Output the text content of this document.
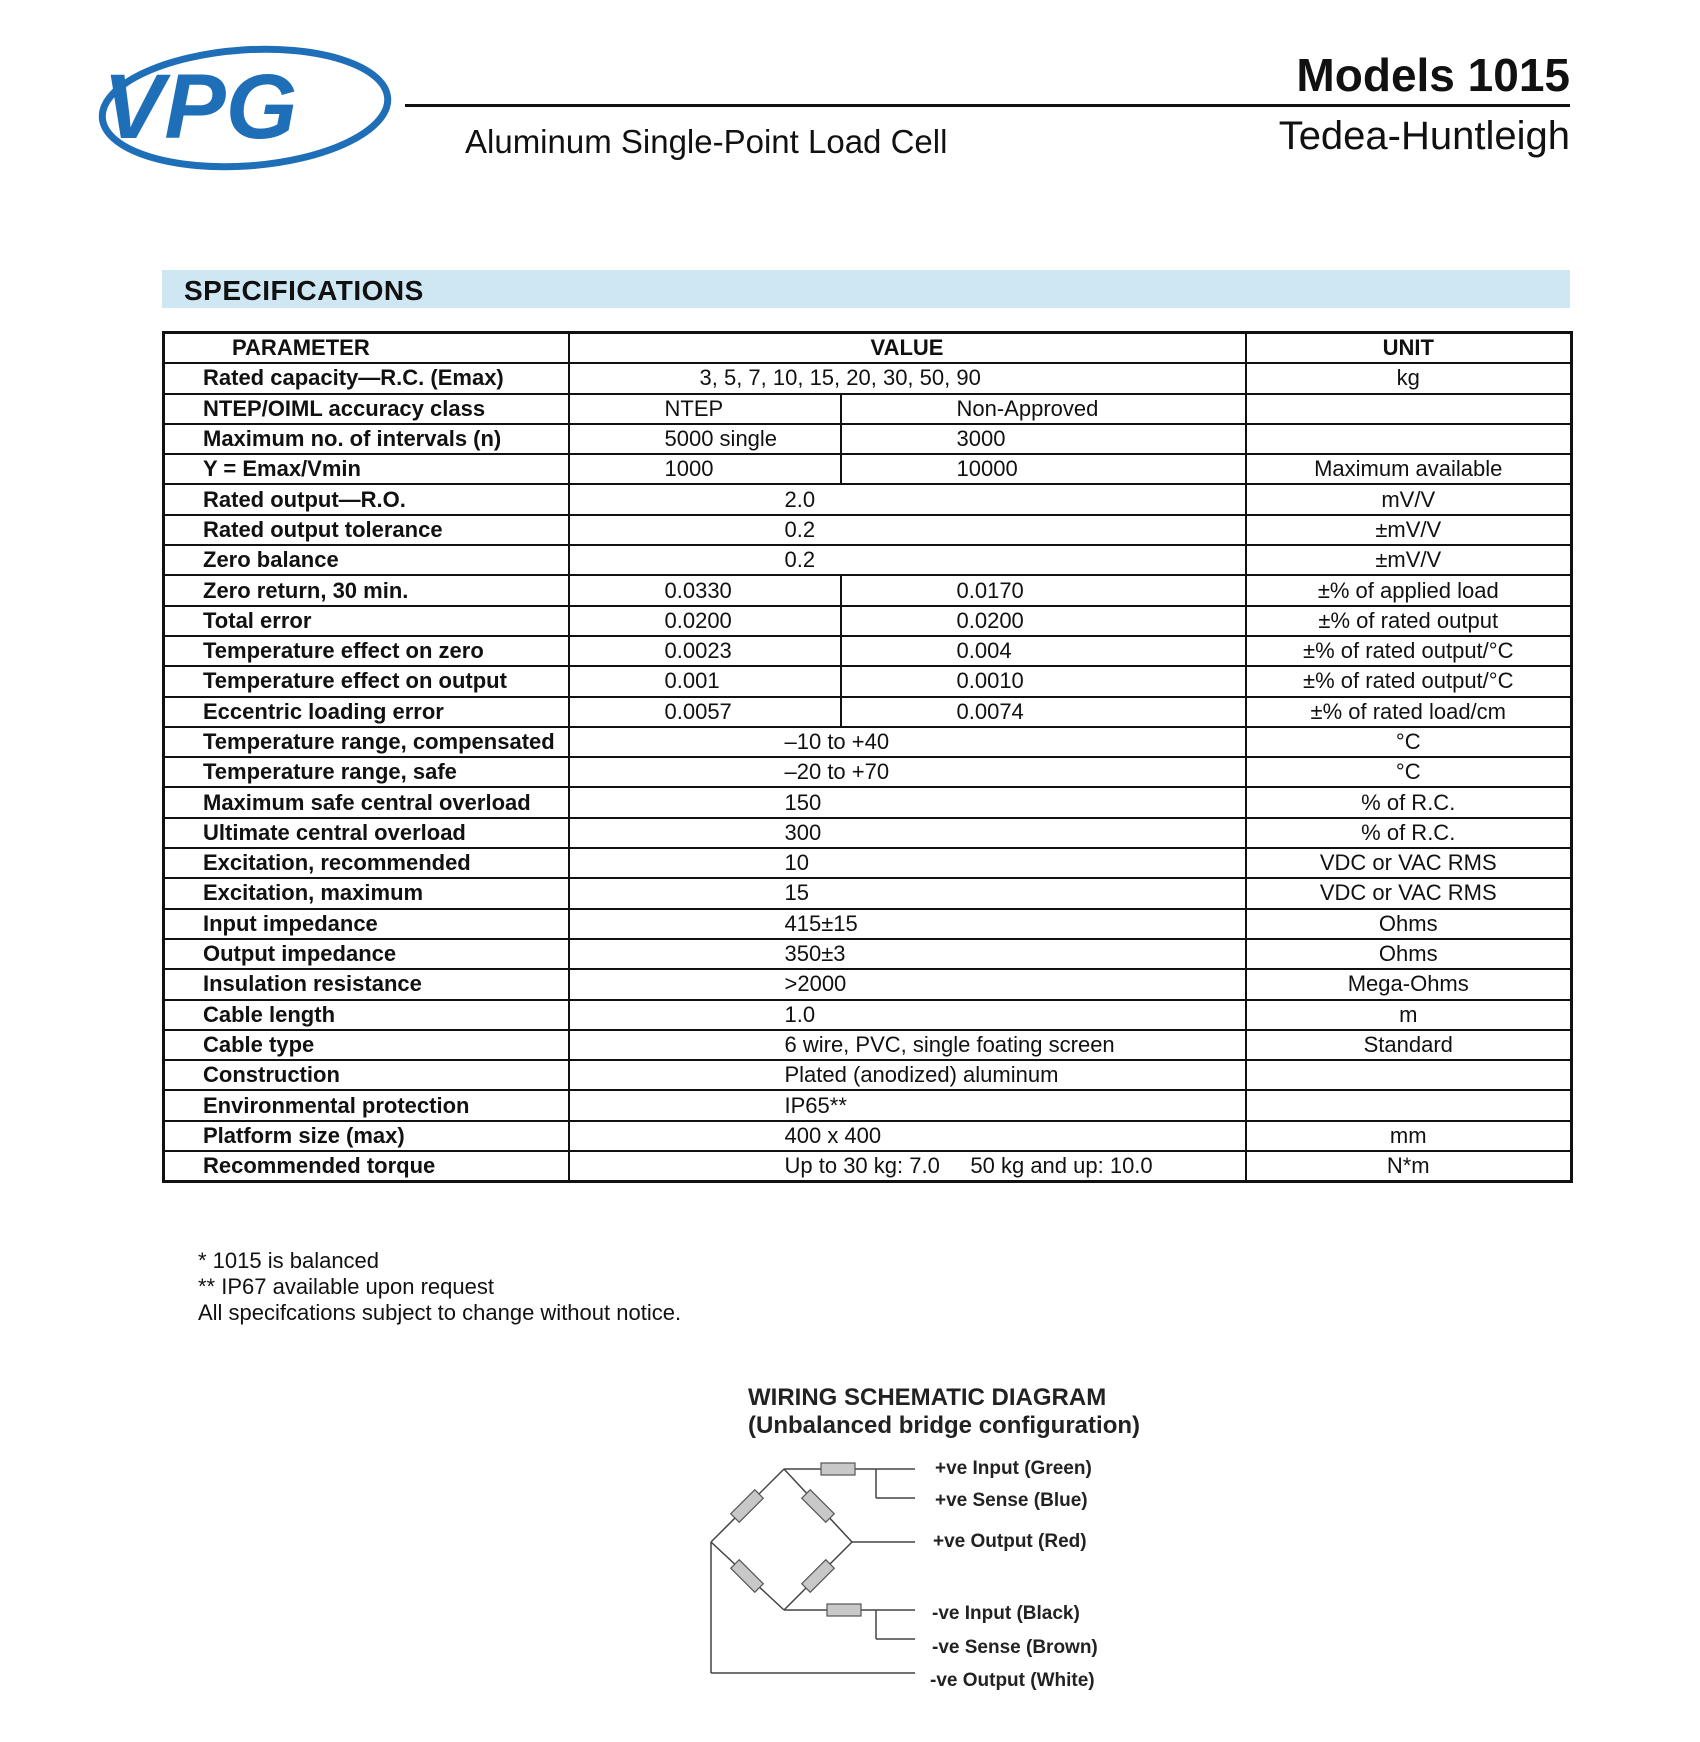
VPG	Models 1015
Aluminum Single-Point Load Cell	Tedea-Huntleigh
SPECIFICATIONS
PARAMETER	VALUE		UNIT
Rated capacity—R.C. (Emax)	3, 5, 7, 10, 15, 20, 30, 50, 90		kg
NTEP/OIML accuracy class	NTEP	Non-Approved	
Maximum no. of intervals (n)	5000 single	3000	
Y = Emax/Vmin	1000	10000	Maximum available
Rated output—R.O.	2.0		mV/V
Rated output tolerance	0.2		±mV/V
Zero balance	0.2		±mV/V
Zero return, 30 min.	0.0330	0.0170	±% of applied load
Total error	0.0200	0.0200	±% of rated output
Temperature effect on zero	0.0023	0.004	±% of rated output/°C
Temperature effect on output	0.001	0.0010	±% of rated output/°C
Eccentric loading error	0.0057	0.0074	±% of rated load/cm
Temperature range, compensated	–10 to +40		°C
Temperature range, safe	–20 to +70		°C
Maximum safe central overload	150		% of R.C.
Ultimate central overload	300		% of R.C.
Excitation, recommended	10		VDC or VAC RMS
Excitation, maximum	15		VDC or VAC RMS
Input impedance	415±15		Ohms
Output impedance	350±3		Ohms
Insulation resistance	>2000		Mega-Ohms
Cable length	1.0		m
Cable type	6 wire, PVC, single foating screen		Standard
Construction	Plated (anodized) aluminum		
Environmental protection	IP65**		
Platform size (max)	400 x 400		mm
Recommended torque	Up to 30 kg: 7.0     50 kg and up: 10.0		N*m
* 1015 is balanced
** IP67 available upon request
All specifcations subject to change without notice.
WIRING SCHEMATIC DIAGRAM
(Unbalanced bridge configuration)
+ve Input (Green)
+ve Sense (Blue)
+ve Output (Red)
-ve Input (Black)
-ve Sense (Brown)
-ve Output (White)
